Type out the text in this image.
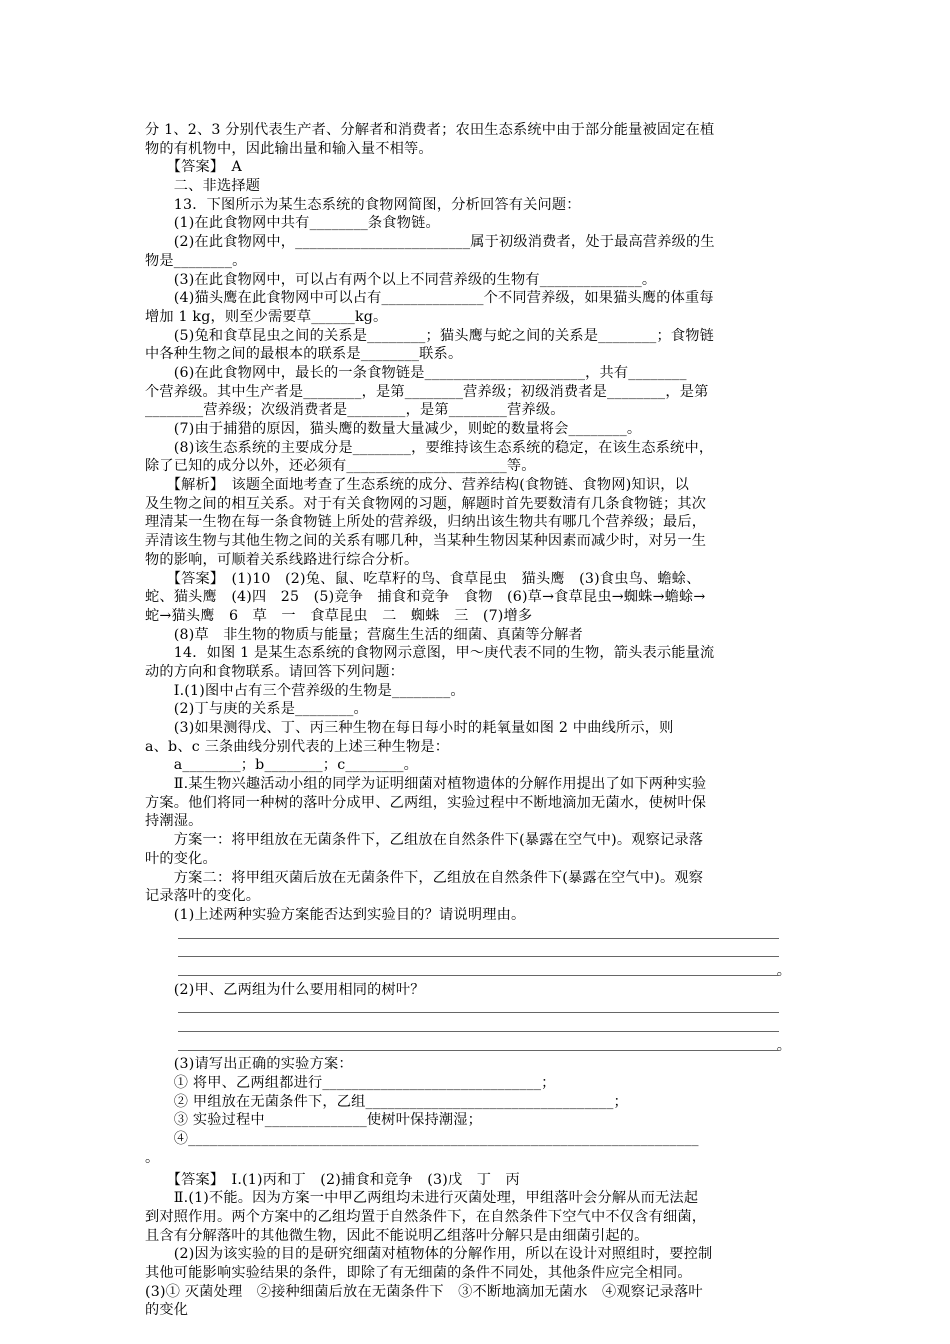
分 1、2、3 分别代表生产者、分解者和消费者；农田生态系统中由于部分能量被固定在植
物的有机物中，因此输出量和输入量不相等。
　　【答案】　A
　　二、非选择题
　　13．下图所示为某生态系统的食物网简图，分析回答有关问题：
　　(1)在此食物网中共有________条食物链。
　　(2)在此食物网中，________________________属于初级消费者，处于最高营养级的生
物是________。
　　(3)在此食物网中，可以占有两个以上不同营养级的生物有______________。
　　(4)猫头鹰在此食物网中可以占有______________个不同营养级，如果猫头鹰的体重每
增加 1 kg，则至少需要草______kg。
　　(5)兔和食草昆虫之间的关系是________；猫头鹰与蛇之间的关系是________；食物链
中各种生物之间的最根本的联系是________联系。
　　(6)在此食物网中，最长的一条食物链是______________________，共有________
个营养级。其中生产者是________，是第________营养级；初级消费者是________，是第
________营养级；次级消费者是________，是第________营养级。
　　(7)由于捕猎的原因，猫头鹰的数量大量减少，则蛇的数量将会________。
　　(8)该生态系统的主要成分是________，要维持该生态系统的稳定，在该生态系统中，
除了已知的成分以外，还必须有______________________等。
　　【解析】　该题全面地考查了生态系统的成分、营养结构(食物链、食物网)知识，以
及生物之间的相互关系。对于有关食物网的习题，解题时首先要数清有几条食物链；其次
理清某一生物在每一条食物链上所处的营养级，归纳出该生物共有哪几个营养级；最后，
弄清该生物与其他生物之间的关系有哪几种，当某种生物因某种因素而减少时，对另一生
物的影响，可顺着关系线路进行综合分析。
　　【答案】　(1)10　(2)兔、鼠、吃草籽的鸟、食草昆虫　猫头鹰　(3)食虫鸟、蟾蜍、
蛇、猫头鹰　(4)四　25　(5)竞争　捕食和竞争　食物　(6)草→食草昆虫→蜘蛛→蟾蜍→
蛇→猫头鹰　6　草　一　食草昆虫　二　蜘蛛　三　(7)增多
　　(8)草　非生物的物质与能量；营腐生生活的细菌、真菌等分解者
　　14．如图 1 是某生态系统的食物网示意图，甲～庚代表不同的生物，箭头表示能量流
动的方向和食物联系。请回答下列问题：
　　Ⅰ.(1)图中占有三个营养级的生物是________。
　　(2)丁与庚的关系是________。
　　(3)如果测得戊、丁、丙三种生物在每日每小时的耗氧量如图 2 中曲线所示，则
a、b、c 三条曲线分别代表的上述三种生物是：
　　a________；b________；c________。
　　Ⅱ.某生物兴趣活动小组的同学为证明细菌对植物遗体的分解作用提出了如下两种实验
方案。他们将同一种树的落叶分成甲、乙两组，实验过程中不断地滴加无菌水，使树叶保
持潮湿。
　　方案一：将甲组放在无菌条件下，乙组放在自然条件下(暴露在空气中)。观察记录落
叶的变化。
　　方案二：将甲组灭菌后放在无菌条件下，乙组放在自然条件下(暴露在空气中)。观察
记录落叶的变化。
　　(1)上述两种实验方案能否达到实验目的？请说明理由。
。
　　(2)甲、乙两组为什么要用相同的树叶？
。
　　(3)请写出正确的实验方案：
　　① 将甲、乙两组都进行______________________________；
　　② 甲组放在无菌条件下，乙组__________________________________；
　　③ 实验过程中______________使树叶保持潮湿；
　　④______________________________________________________________________
。
　　【答案】　Ⅰ.(1)丙和丁　(2)捕食和竞争　(3)戊　丁　丙
　　Ⅱ.(1)不能。因为方案一中甲乙两组均未进行灭菌处理，甲组落叶会分解从而无法起
到对照作用。两个方案中的乙组均置于自然条件下，在自然条件下空气中不仅含有细菌，
且含有分解落叶的其他微生物，因此不能说明乙组落叶分解只是由细菌引起的。
　　(2)因为该实验的目的是研究细菌对植物体的分解作用，所以在设计对照组时，要控制
其他可能影响实验结果的条件，即除了有无细菌的条件不同处，其他条件应完全相同。
(3)① 灭菌处理　②接种细菌后放在无菌条件下　③不断地滴加无菌水　④观察记录落叶
的变化
